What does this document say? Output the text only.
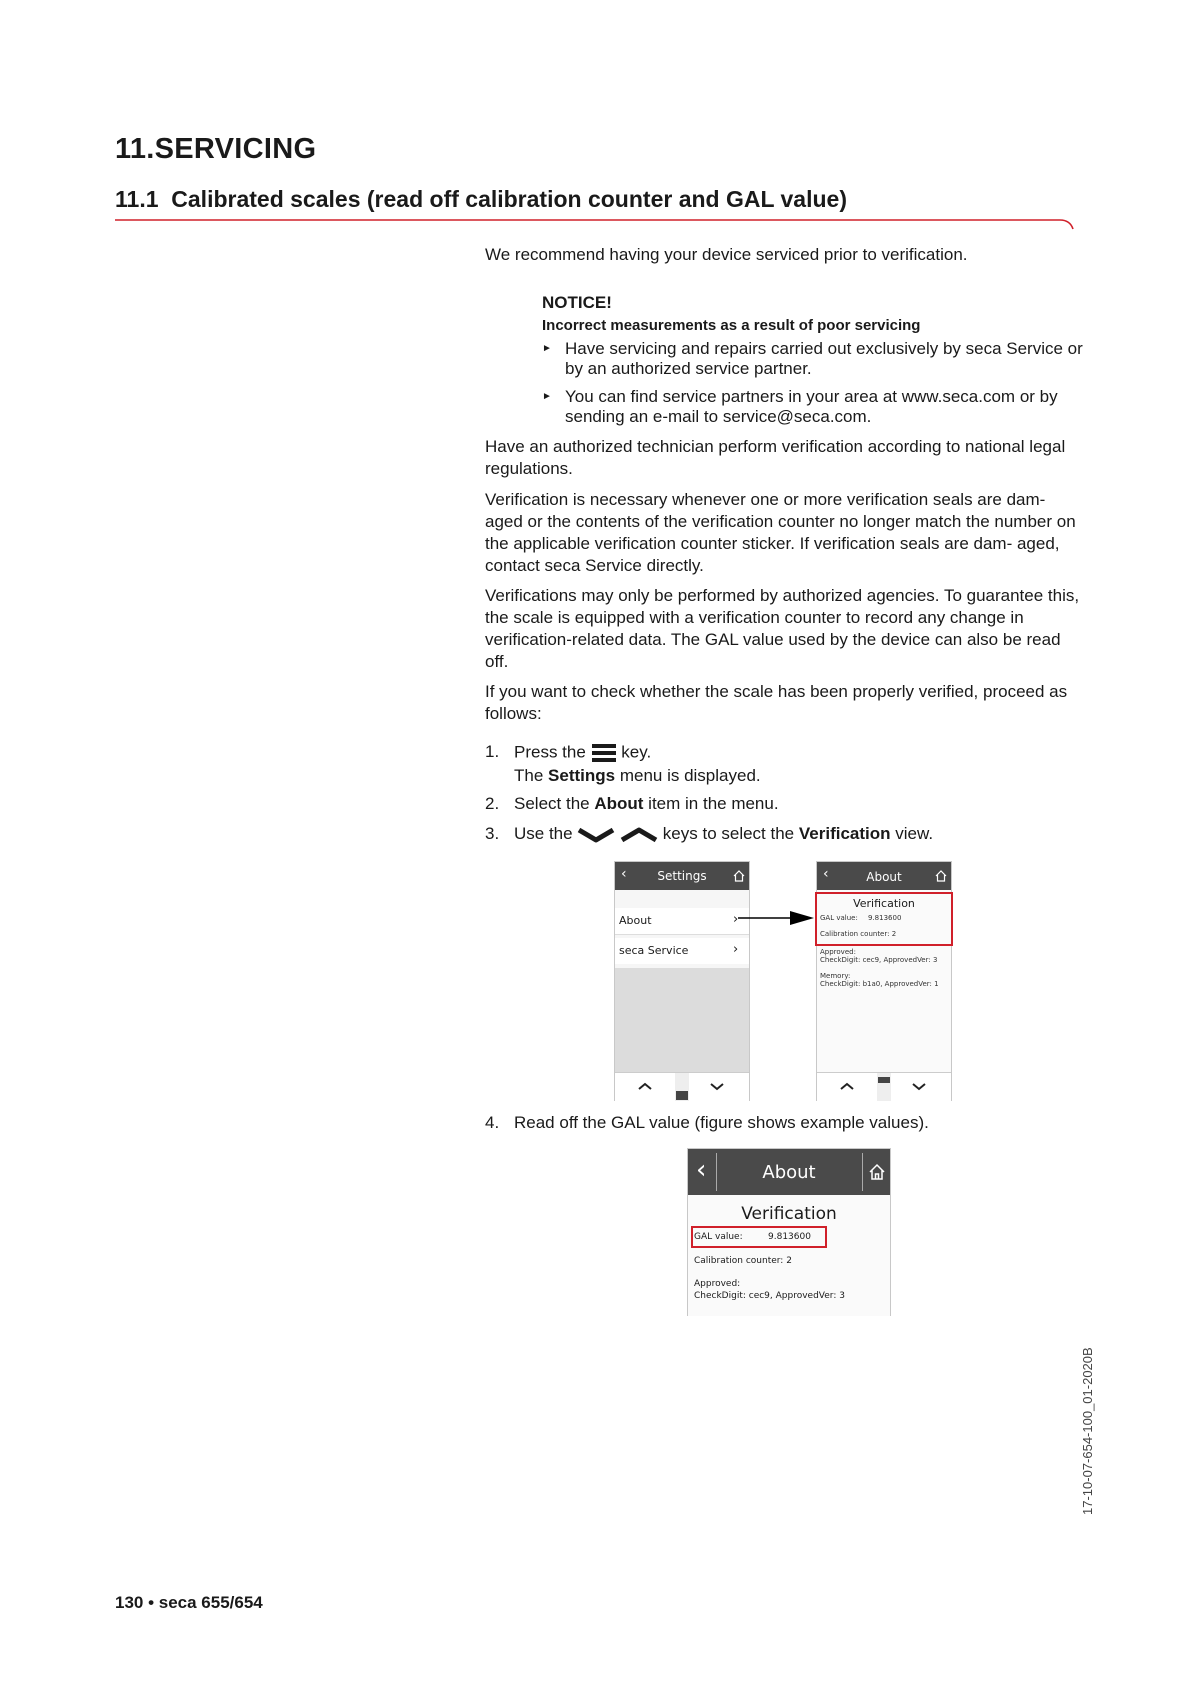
11.SERVICING
11.1 Calibrated scales (read off calibration counter and GAL value)

We recommend having your device serviced prior to verification.

NOTICE!
Incorrect measurements as a result of poor servicing
► Have servicing and repairs carried out exclusively by seca Service or by an authorized service partner.
► You can find service partners in your area at www.seca.com or by sending an e-mail to service@seca.com.

Have an authorized technician perform verification according to national legal regulations.

Verification is necessary whenever one or more verification seals are dam- aged or the contents of the verification counter no longer match the number on the applicable verification counter sticker. If verification seals are dam- aged, contact seca Service directly.

Verifications may only be performed by authorized agencies. To guarantee this, the scale is equipped with a verification counter to record any change in verification-related data. The GAL value used by the device can also be read off.

If you want to check whether the scale has been properly verified, proceed as follows:

1. Press the key.
The Settings menu is displayed.
2. Select the About item in the menu.
3. Use the	keys to select the Verification view.
‹	Settings
About	›
seca Service	›
‹	About
Verification
GAL value: 9.813600
Calibration counter: 2
Approved:
CheckDigit: cec9, ApprovedVer: 3
Memory:
CheckDigit: b1a0, ApprovedVer: 1
4. Read off the GAL value (figure shows example values).
‹	About
Verification
GAL value:	9.813600
Calibration counter: 2
Approved:
CheckDigit: cec9, ApprovedVer: 3
17-10-07-654-100_01-2020B
130 • seca 655/654
